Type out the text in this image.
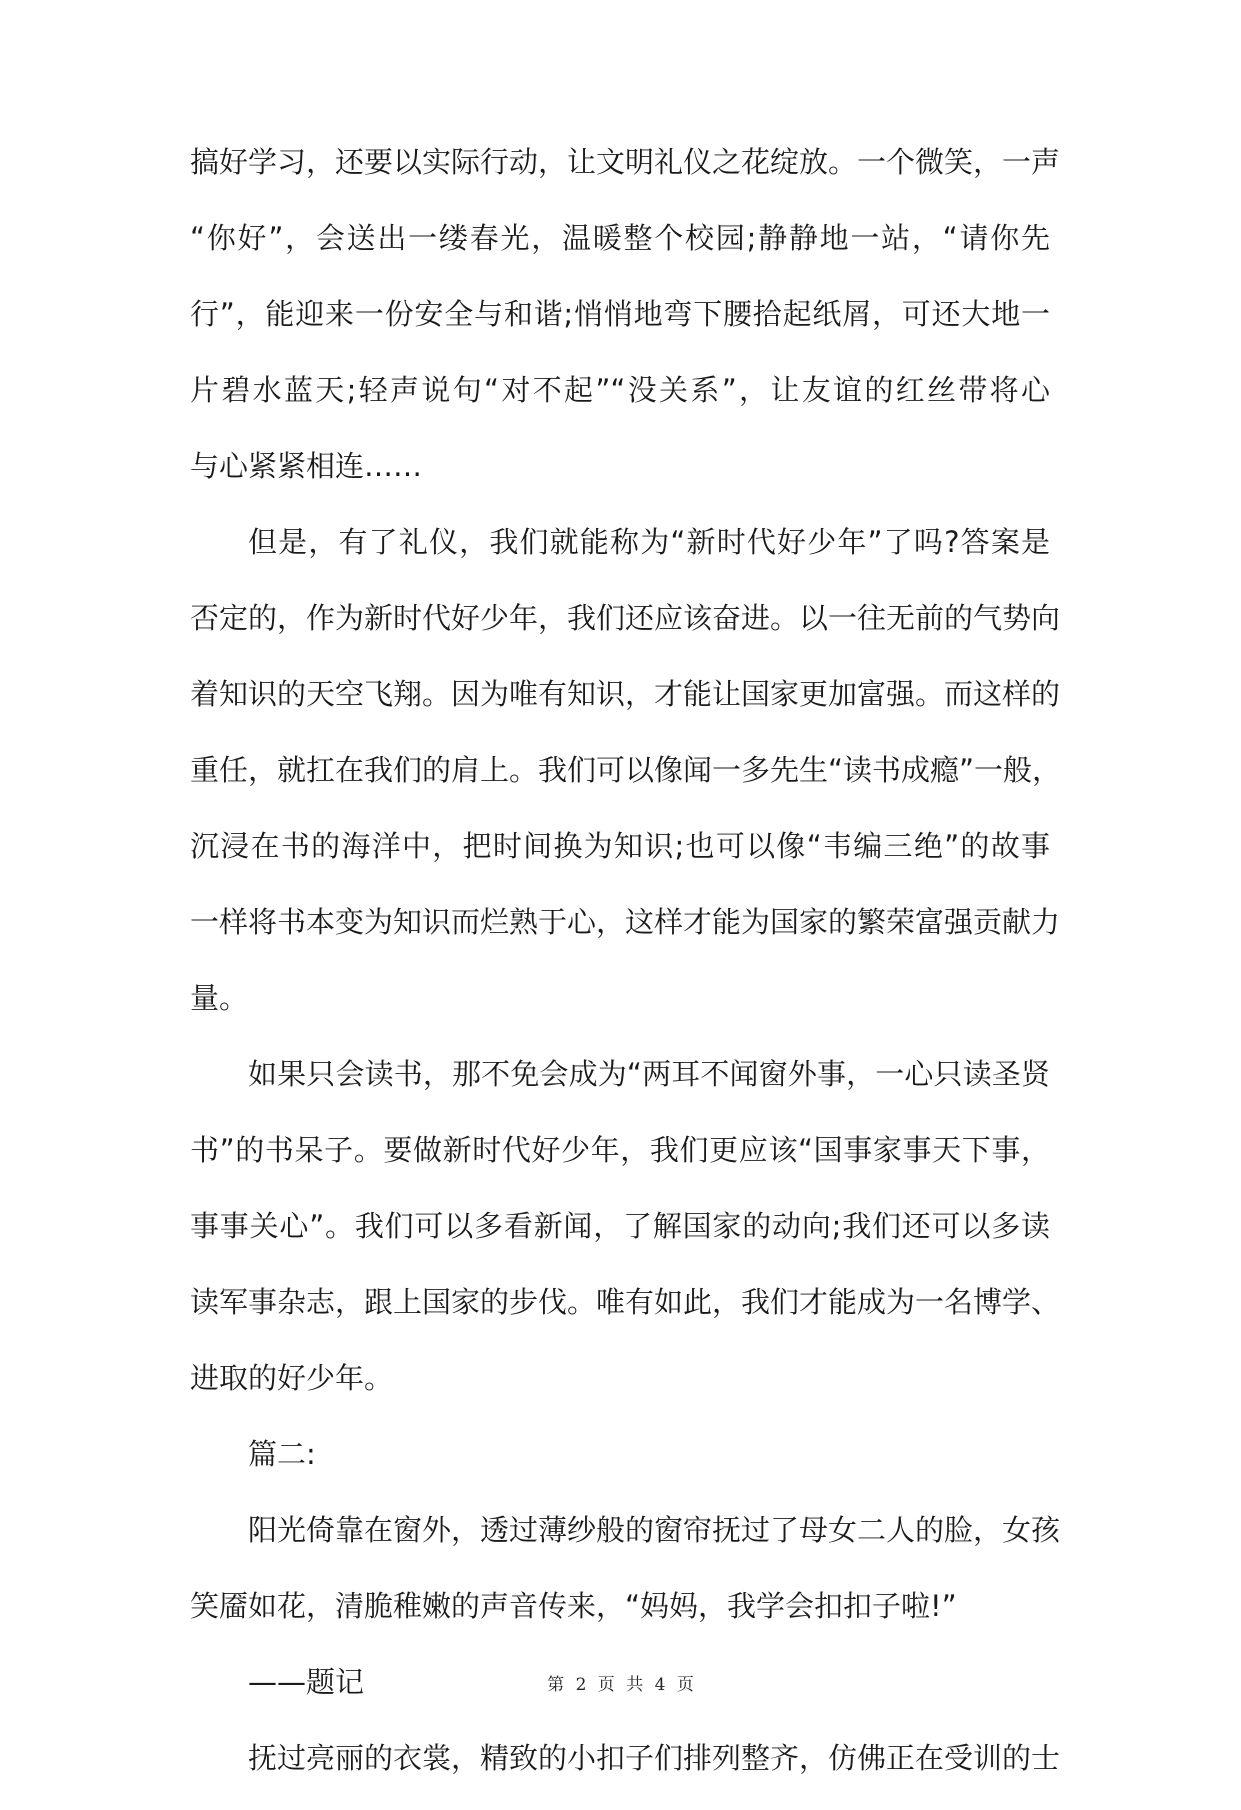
搞好学习，还要以实际行动，让文明礼仪之花绽放。一个微笑，一声
“你好”，会送出一缕春光，温暖整个校园;静静地一站，“请你先
行”，能迎来一份安全与和谐;悄悄地弯下腰拾起纸屑，可还大地一
片碧水蓝天;轻声说句“对不起”“没关系”，让友谊的红丝带将心
与心紧紧相连……
但是，有了礼仪，我们就能称为“新时代好少年”了吗?答案是
否定的，作为新时代好少年，我们还应该奋进。以一往无前的气势向
着知识的天空飞翔。因为唯有知识，才能让国家更加富强。而这样的
重任，就扛在我们的肩上。我们可以像闻一多先生“读书成瘾”一般，
沉浸在书的海洋中，把时间换为知识;也可以像“韦编三绝”的故事
一样将书本变为知识而烂熟于心，这样才能为国家的繁荣富强贡献力
量。
如果只会读书，那不免会成为“两耳不闻窗外事，一心只读圣贤
书”的书呆子。要做新时代好少年，我们更应该“国事家事天下事，
事事关心”。我们可以多看新闻，了解国家的动向;我们还可以多读
读军事杂志，跟上国家的步伐。唯有如此，我们才能成为一名博学、
进取的好少年。
篇二:
阳光倚靠在窗外，透过薄纱般的窗帘抚过了母女二人的脸，女孩
笑靥如花，清脆稚嫩的声音传来，“妈妈，我学会扣扣子啦!”
——题记
抚过亮丽的衣裳，精致的小扣子们排列整齐，仿佛正在受训的士
第 2 页 共 4 页
